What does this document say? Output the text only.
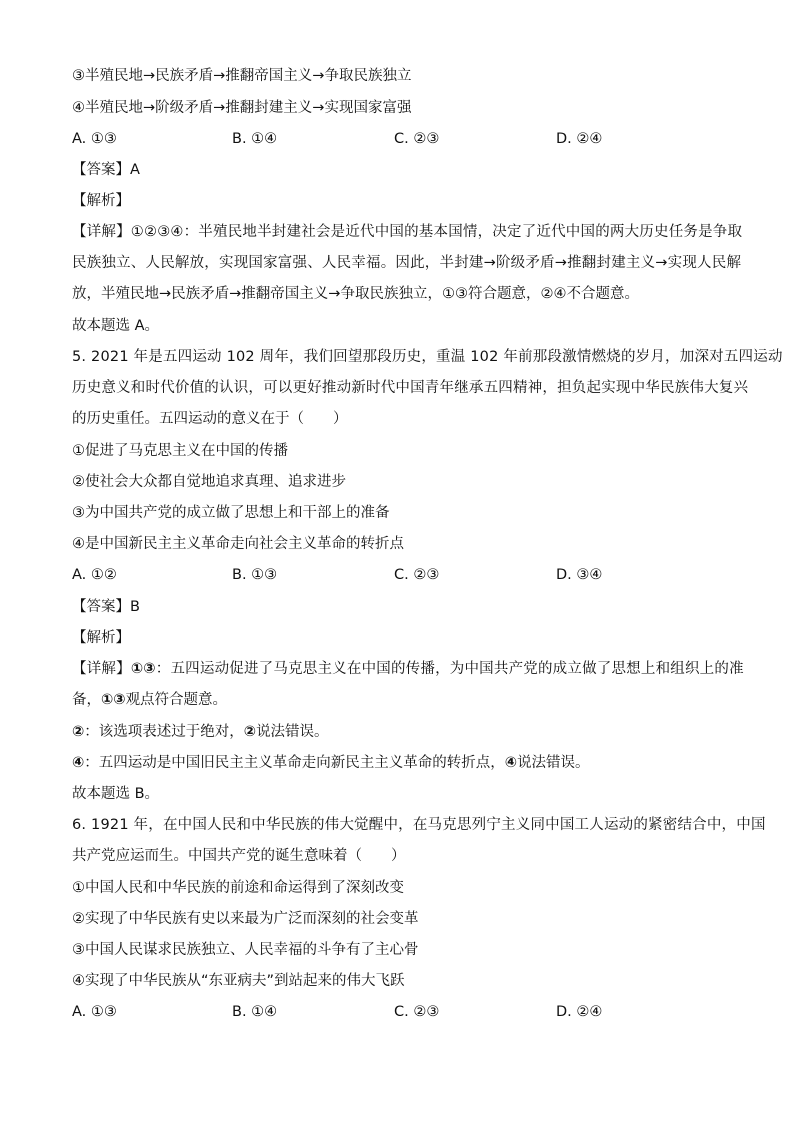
③半殖民地→民族矛盾→推翻帝国主义→争取民族独立
④半殖民地→阶级矛盾→推翻封建主义→实现国家富强
A. ①③	B. ①④	C. ②③	D. ②④
【答案】A
【解析】
【详解】①②③④：半殖民地半封建社会是近代中国的基本国情，决定了近代中国的两大历史任务是争取
民族独立、人民解放，实现国家富强、人民幸福。因此，半封建→阶级矛盾→推翻封建主义→实现人民解
放，半殖民地→民族矛盾→推翻帝国主义→争取民族独立，①③符合题意，②④不合题意。
故本题选 A。
5. 2021 年是五四运动 102 周年，我们回望那段历史，重温 102 年前那段激情燃烧的岁月，加深对五四运动
历史意义和时代价值的认识，可以更好推动新时代中国青年继承五四精神，担负起实现中华民族伟大复兴
的历史重任。五四运动的意义在于（　　）
①促进了马克思主义在中国的传播
②使社会大众都自觉地追求真理、追求进步
③为中国共产党的成立做了思想上和干部上的准备
④是中国新民主主义革命走向社会主义革命的转折点
A. ①②	B. ①③	C. ②③	D. ③④
【答案】B
【解析】
【详解】①③：五四运动促进了马克思主义在中国的传播，为中国共产党的成立做了思想上和组织上的准
备，①③观点符合题意。
②：该选项表述过于绝对，②说法错误。
④：五四运动是中国旧民主主义革命走向新民主主义革命的转折点，④说法错误。
故本题选 B。
6. 1921 年，在中国人民和中华民族的伟大觉醒中，在马克思列宁主义同中国工人运动的紧密结合中，中国
共产党应运而生。中国共产党的诞生意味着（　　）
①中国人民和中华民族的前途和命运得到了深刻改变
②实现了中华民族有史以来最为广泛而深刻的社会变革
③中国人民谋求民族独立、人民幸福的斗争有了主心骨
④实现了中华民族从“东亚病夫”到站起来的伟大飞跃
A. ①③	B. ①④	C. ②③	D. ②④
